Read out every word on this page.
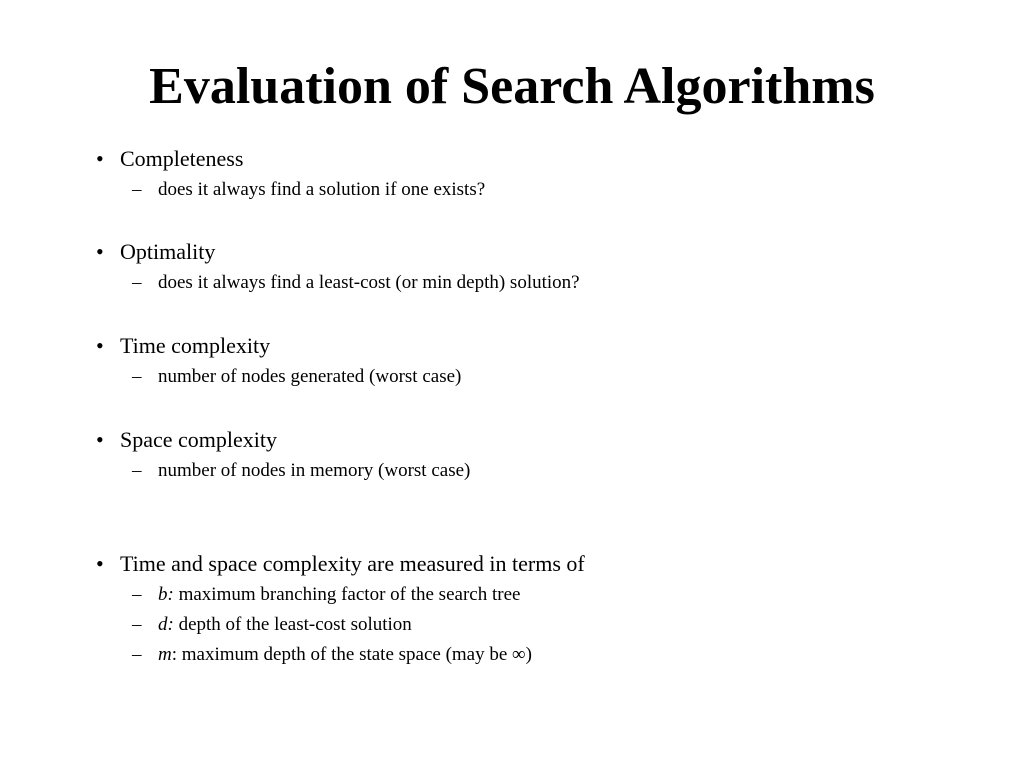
Evaluation of Search Algorithms
• Completeness
– does it always find a solution if one exists?
• Optimality
– does it always find a least-cost (or min depth) solution?
• Time complexity
– number of nodes generated (worst case)
• Space complexity
– number of nodes in memory (worst case)
• Time and space complexity are measured in terms of
– b: maximum branching factor of the search tree
– d: depth of the least-cost solution
– m: maximum depth of the state space (may be ∞)
